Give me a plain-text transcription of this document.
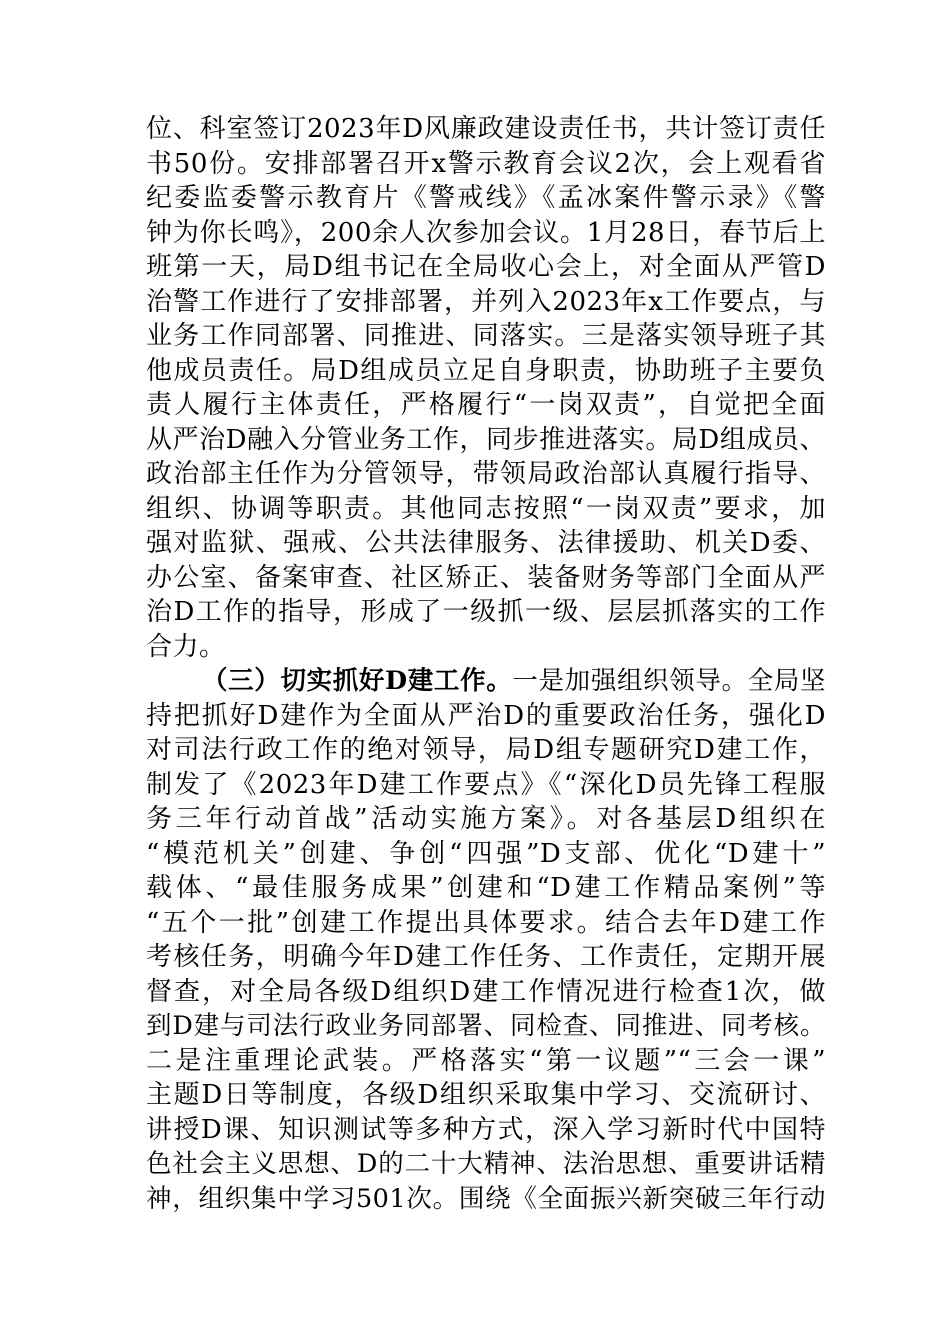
位、科室签订2023年D风廉政建设责任书，共计签订责任
书50份。安排部署召开x警示教育会议2次，会上观看省
纪委监委警示教育片《警戒线》《孟冰案件警示录》《警
钟为你长鸣》，200余人次参加会议。1月28日，春节后上
班第一天，局D组书记在全局收心会上，对全面从严管D
治警工作进行了安排部署，并列入2023年x工作要点，与
业务工作同部署、同推进、同落实。三是落实领导班子其
他成员责任。局D组成员立足自身职责，协助班子主要负
责人履行主体责任，严格履行“一岗双责”，自觉把全面
从严治D融入分管业务工作，同步推进落实。局D组成员、
政治部主任作为分管领导，带领局政治部认真履行指导、
组织、协调等职责。其他同志按照“一岗双责”要求，加
强对监狱、强戒、公共法律服务、法律援助、机关D委、
办公室、备案审查、社区矫正、装备财务等部门全面从严
治D工作的指导，形成了一级抓一级、层层抓落实的工作
合力。
（三）切实抓好D建工作。一是加强组织领导。全局坚
持把抓好D建作为全面从严治D的重要政治任务，强化D
对司法行政工作的绝对领导，局D组专题研究D建工作，
制发了《2023年D建工作要点》《“深化D员先锋工程服
务三年行动首战”活动实施方案》。对各基层D组织在
“模范机关”创建、争创“四强”D支部、优化“D建十”
载体、“最佳服务成果”创建和“D建工作精品案例”等
“五个一批”创建工作提出具体要求。结合去年D建工作
考核任务，明确今年D建工作任务、工作责任，定期开展
督查，对全局各级D组织D建工作情况进行检查1次，做
到D建与司法行政业务同部署、同检查、同推进、同考核。
二是注重理论武装。严格落实“第一议题”“三会一课”
主题D日等制度，各级D组织采取集中学习、交流研讨、
讲授D课、知识测试等多种方式，深入学习新时代中国特
色社会主义思想、D的二十大精神、法治思想、重要讲话精
神，组织集中学习501次。围绕《全面振兴新突破三年行动
